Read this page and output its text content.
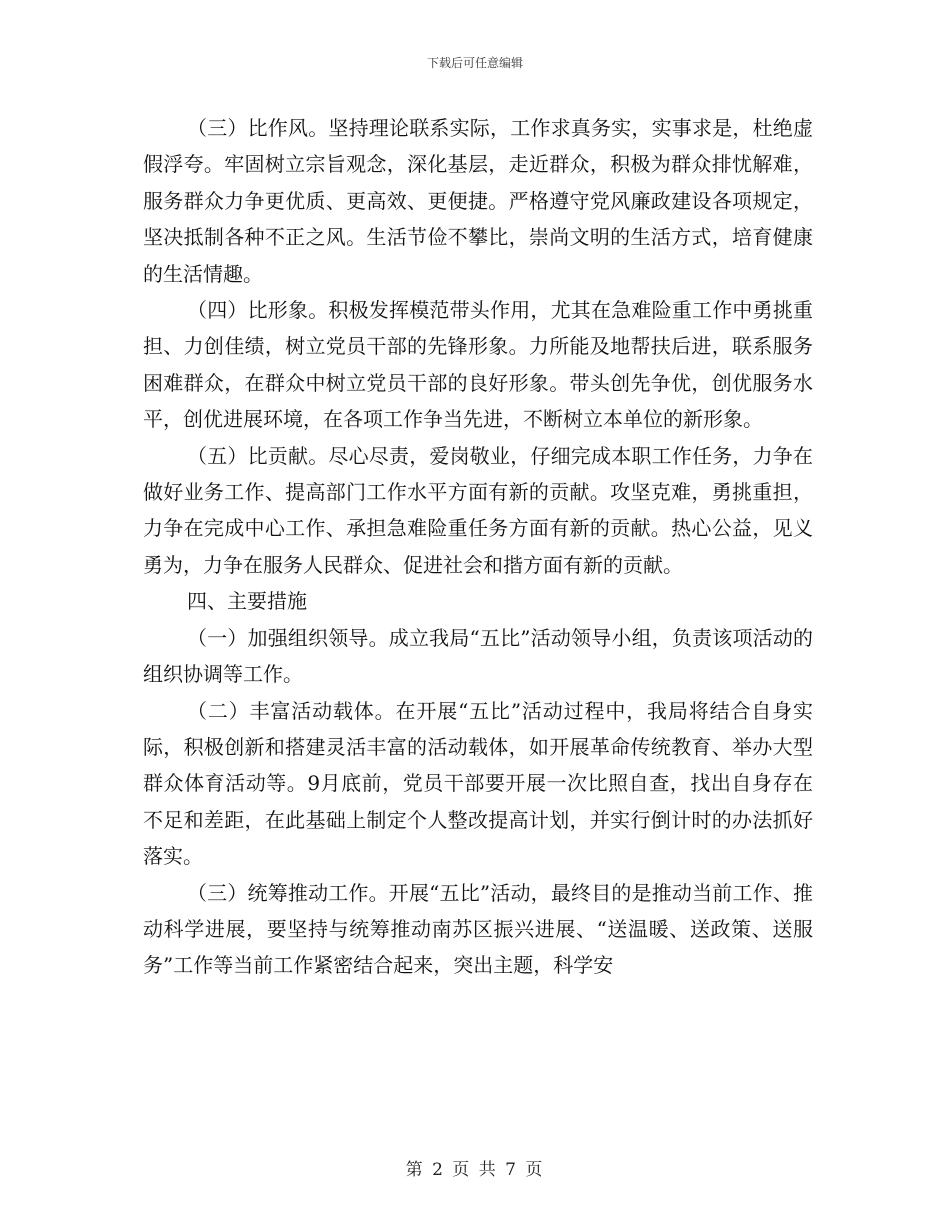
下载后可任意编辑

（三）比作风。坚持理论联系实际，工作求真务实，实事求是，杜绝虚假浮夸。牢固树立宗旨观念，深化基层，走近群众，积极为群众排忧解难，服务群众力争更优质、更高效、更便捷。严格遵守党风廉政建设各项规定，坚决抵制各种不正之风。生活节俭不攀比，崇尚文明的生活方式，培育健康的生活情趣。

（四）比形象。积极发挥模范带头作用，尤其在急难险重工作中勇挑重担、力创佳绩，树立党员干部的先锋形象。力所能及地帮扶后进，联系服务困难群众，在群众中树立党员干部的良好形象。带头创先争优，创优服务水平，创优进展环境，在各项工作争当先进，不断树立本单位的新形象。

（五）比贡献。尽心尽责，爱岗敬业，仔细完成本职工作任务，力争在做好业务工作、提高部门工作水平方面有新的贡献。攻坚克难，勇挑重担，力争在完成中心工作、承担急难险重任务方面有新的贡献。热心公益，见义勇为，力争在服务人民群众、促进社会和揩方面有新的贡献。

四、主要措施

（一）加强组织领导。成立我局“五比”活动领导小组，负责该项活动的组织协调等工作。

（二）丰富活动载体。在开展“五比”活动过程中，我局将结合自身实际，积极创新和搭建灵活丰富的活动载体，如开展革命传统教育、举办大型群众体育活动等。9月底前，党员干部要开展一次比照自查，找出自身存在不足和差距，在此基础上制定个人整改提高计划，并实行倒计时的办法抓好落实。

（三）统筹推动工作。开展“五比”活动，最终目的是推动当前工作、推动科学进展，要坚持与统筹推动南苏区振兴进展、“送温暖、送政策、送服务”工作等当前工作紧密结合起来，突出主题，科学安

第 2 页 共 7 页
